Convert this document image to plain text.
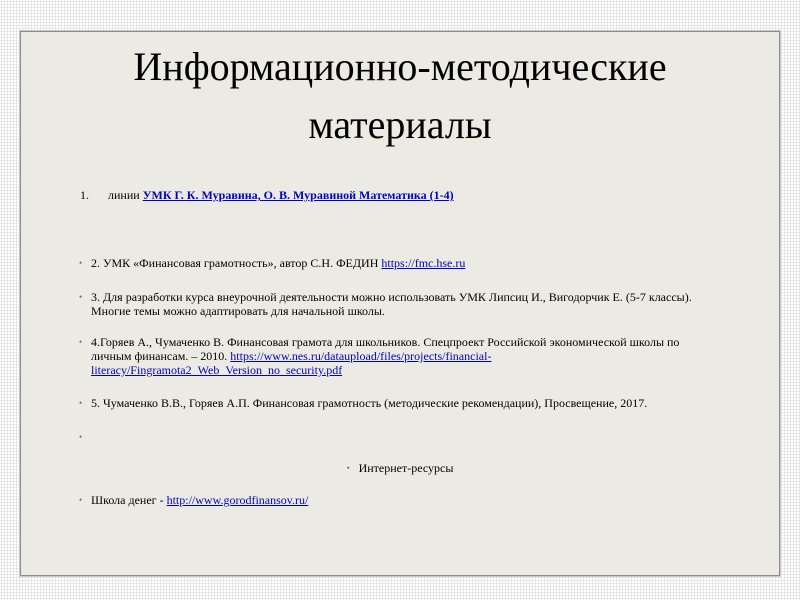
Информационно-методические
материалы
1. линии УМК Г. К. Муравина, О. В. Муравиной Математика (1-4)
• 2. УМК «Финансовая грамотность», автор С.Н. ФЕДИН https://fmc.hse.ru
• 3. Для разработки курса внеурочной деятельности можно использовать УМК Липсиц И., Вигодорчик Е. (5-7 классы).
Многие темы можно адаптировать для начальной школы.
• 4.Горяев А., Чумаченко В. Финансовая грамота для школьников. Спецпроект Российской экономической школы по
личным финансам. – 2010. https://www.nes.ru/dataupload/files/projects/financial-
literacy/Fingramota2_Web_Version_no_security.pdf
• 5. Чумаченко В.В., Горяев А.П. Финансовая грамотность (методические рекомендации), Просвещение, 2017.
•
• Интернет-ресурсы
• Школа денег - http://www.gorodfinansov.ru/
